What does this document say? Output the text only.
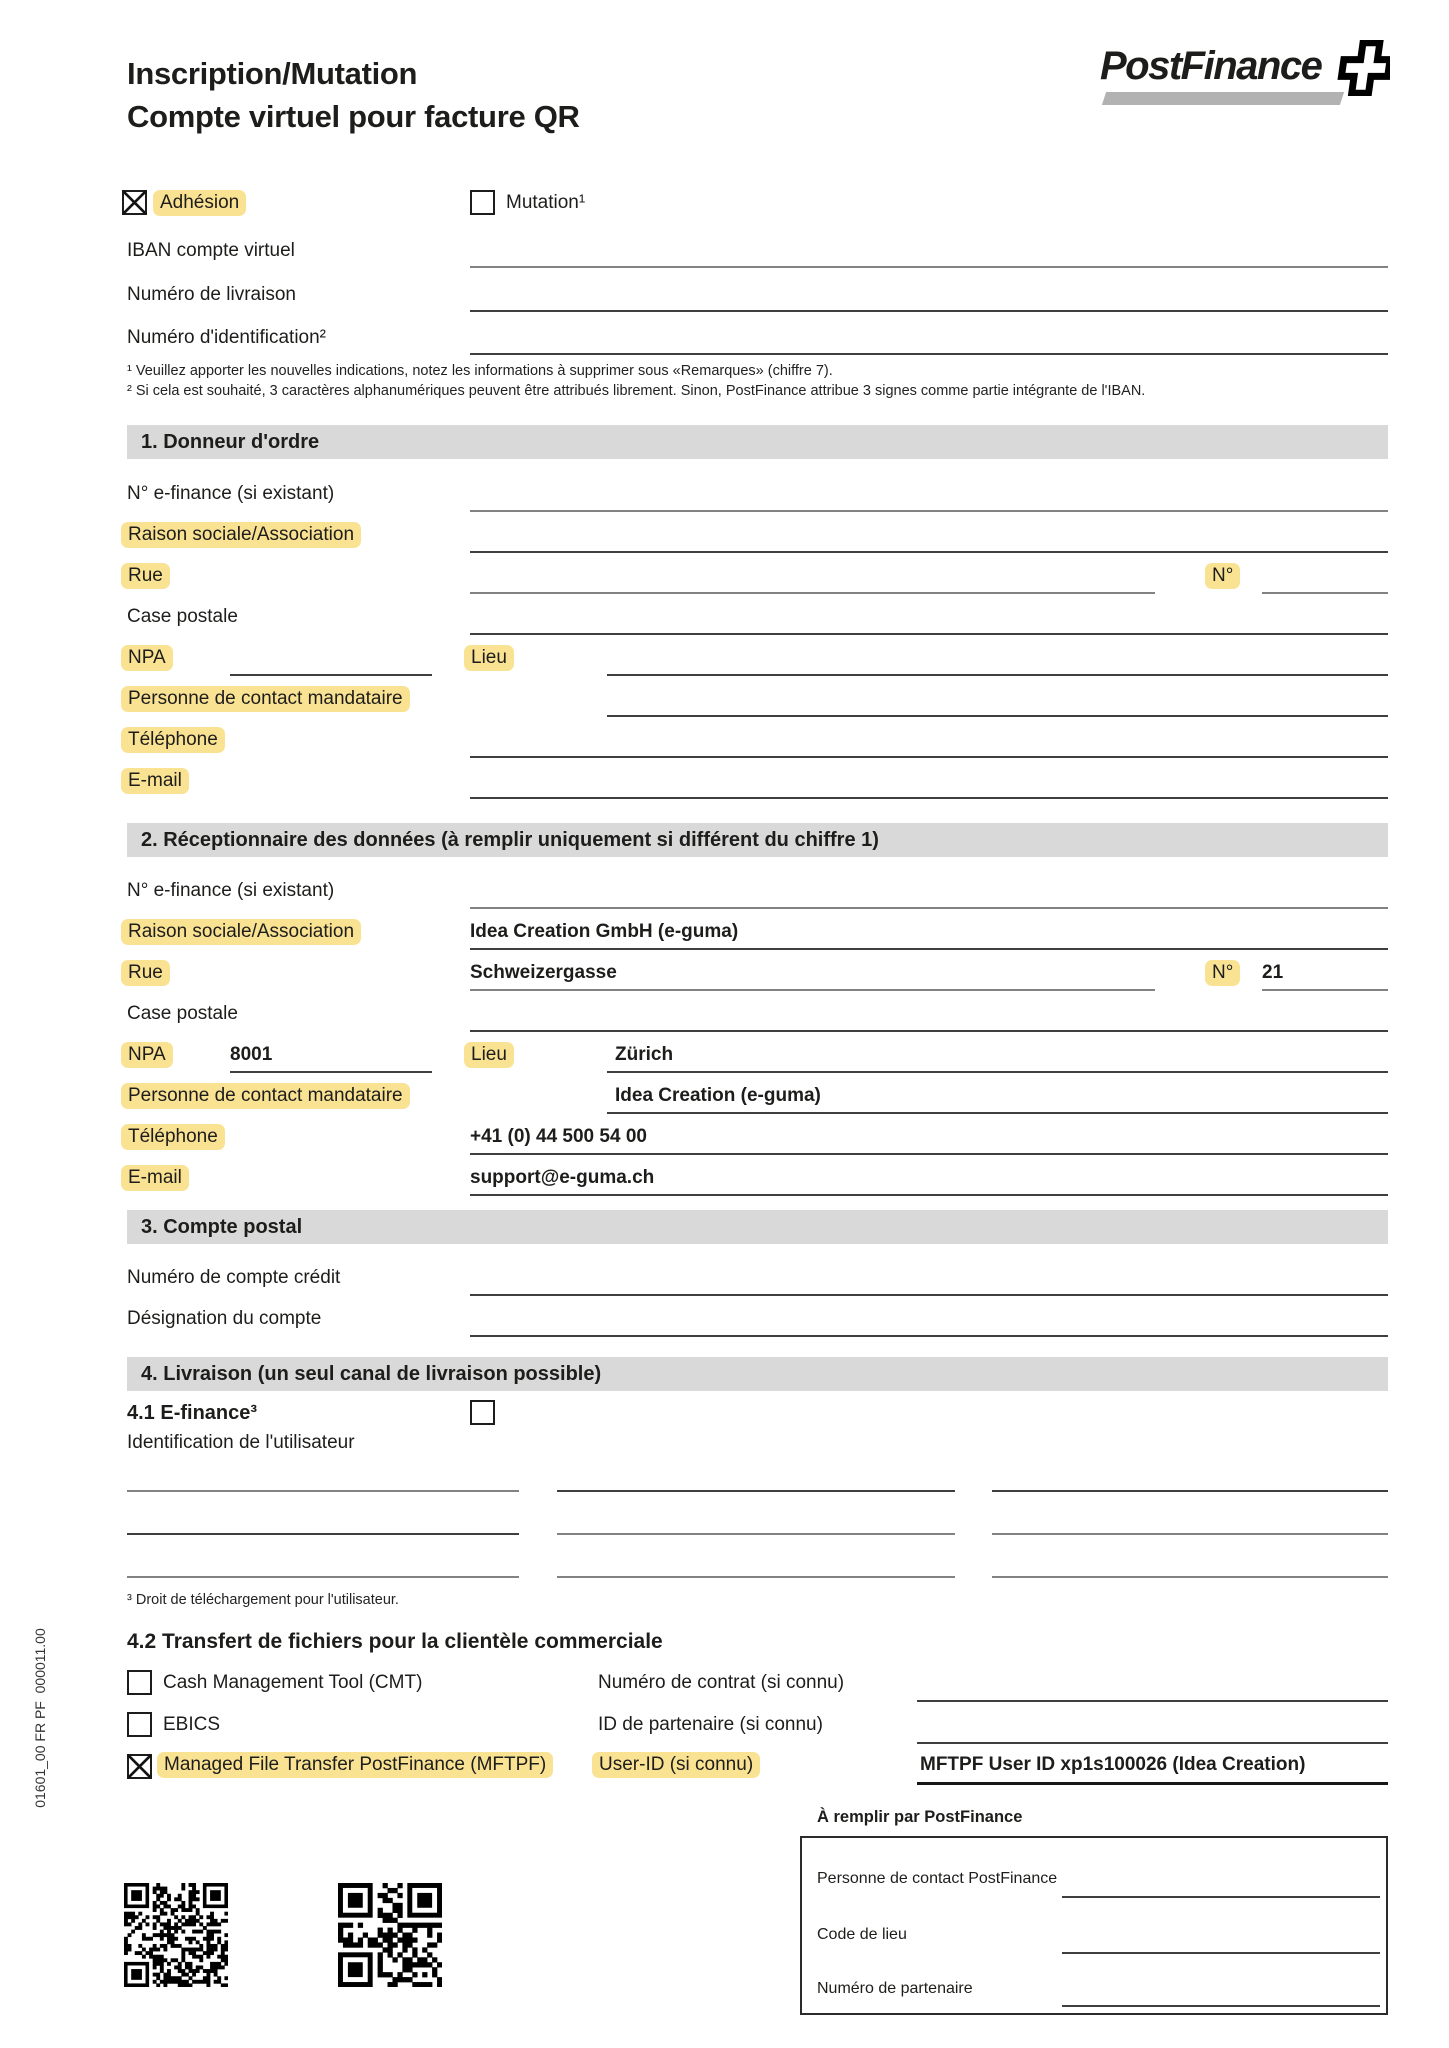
Inscription/Mutation
Compte virtuel pour facture QR
PostFinance
Adhésion	Mutation¹
IBAN compte virtuel
Numéro de livraison
Numéro d'identification²
¹ Veuillez apporter les nouvelles indications, notez les informations à supprimer sous «Remarques» (chiffre 7).
² Si cela est souhaité, 3 caractères alphanumériques peuvent être attribués librement. Sinon, PostFinance attribue 3 signes comme partie intégrante de l'IBAN.
1. Donneur d'ordre
N° e-finance (si existant)
Raison sociale/Association
Rue	N°
Case postale
NPA	Lieu
Personne de contact mandataire
Téléphone
E-mail
2. Réceptionnaire des données (à remplir uniquement si différent du chiffre 1)
N° e-finance (si existant)
Raison sociale/Association	Idea Creation GmbH (e-guma)
Rue	Schweizergasse	N°	21
Case postale
NPA	8001	Lieu	Zürich
Personne de contact mandataire	Idea Creation (e-guma)
Téléphone	+41 (0) 44 500 54 00
E-mail	support@e-guma.ch
3. Compte postal
Numéro de compte crédit
Désignation du compte
4. Livraison (un seul canal de livraison possible)
4.1 E-finance³
Identification de l'utilisateur
³ Droit de téléchargement pour l'utilisateur.
4.2 Transfert de fichiers pour la clientèle commerciale
Cash Management Tool (CMT)	Numéro de contrat (si connu)
EBICS	ID de partenaire (si connu)
Managed File Transfer PostFinance (MFTPF)	User-ID (si connu)	MFTPF User ID xp1s100026 (Idea Creation)
À remplir par PostFinance
Personne de contact PostFinance
Code de lieu
Numéro de partenaire
01601_00 FR PF  000011.00
